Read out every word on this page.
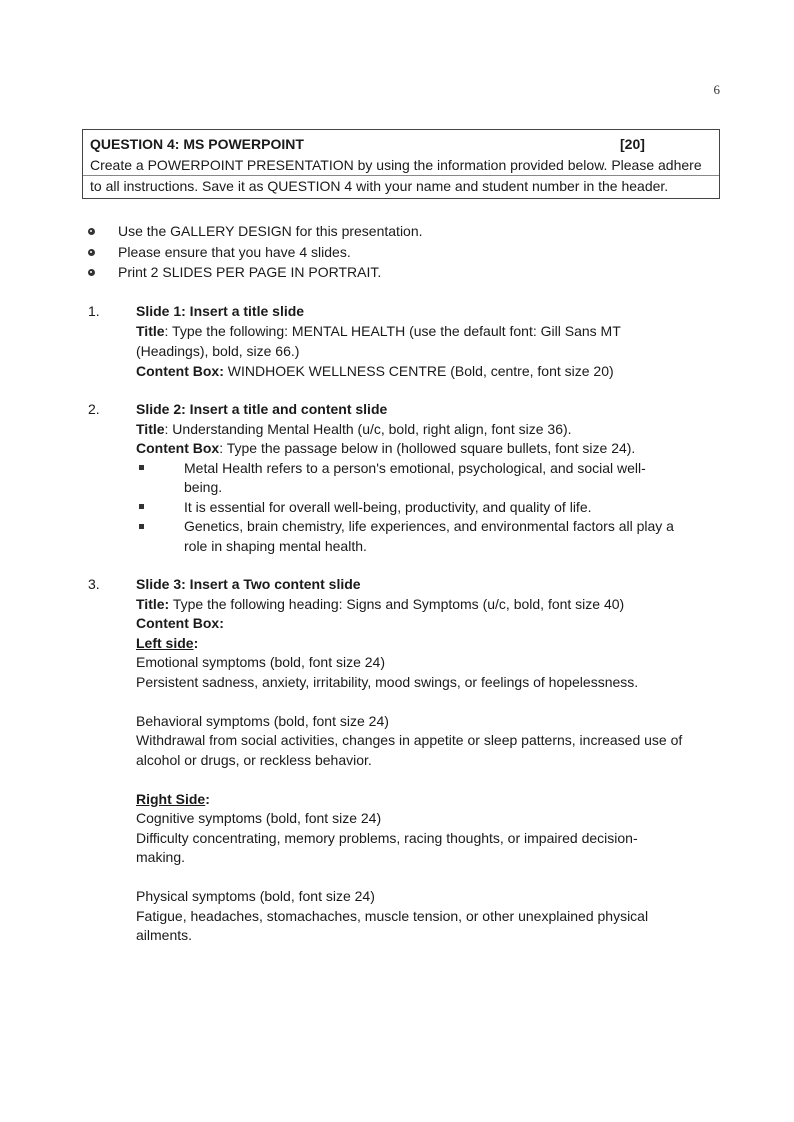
6
QUESTION 4: MS POWERPOINT	[20]
Create a POWERPOINT PRESENTATION by using the information provided below. Please adhere
to all instructions. Save it as QUESTION 4 with your name and student number in the header.
Use the GALLERY DESIGN for this presentation.
Please ensure that you have 4 slides.
Print 2 SLIDES PER PAGE IN PORTRAIT.
1.	Slide 1: Insert a title slide
Title: Type the following: MENTAL HEALTH (use the default font: Gill Sans MT
(Headings), bold, size 66.)
Content Box: WINDHOEK WELLNESS CENTRE (Bold, centre, font size 20)
2.	Slide 2: Insert a title and content slide
Title: Understanding Mental Health (u/c, bold, right align, font size 36).
Content Box: Type the passage below in (hollowed square bullets, font size 24).
Metal Health refers to a person's emotional, psychological, and social well-
being.
It is essential for overall well-being, productivity, and quality of life.
Genetics, brain chemistry, life experiences, and environmental factors all play a
role in shaping mental health.
3.	Slide 3: Insert a Two content slide
Title: Type the following heading: Signs and Symptoms (u/c, bold, font size 40)
Content Box:
Left side:
Emotional symptoms (bold, font size 24)
Persistent sadness, anxiety, irritability, mood swings, or feelings of hopelessness.
Behavioral symptoms (bold, font size 24)
Withdrawal from social activities, changes in appetite or sleep patterns, increased use of
alcohol or drugs, or reckless behavior.
Right Side:
Cognitive symptoms (bold, font size 24)
Difficulty concentrating, memory problems, racing thoughts, or impaired decision-
making.
Physical symptoms (bold, font size 24)
Fatigue, headaches, stomachaches, muscle tension, or other unexplained physical
ailments.
